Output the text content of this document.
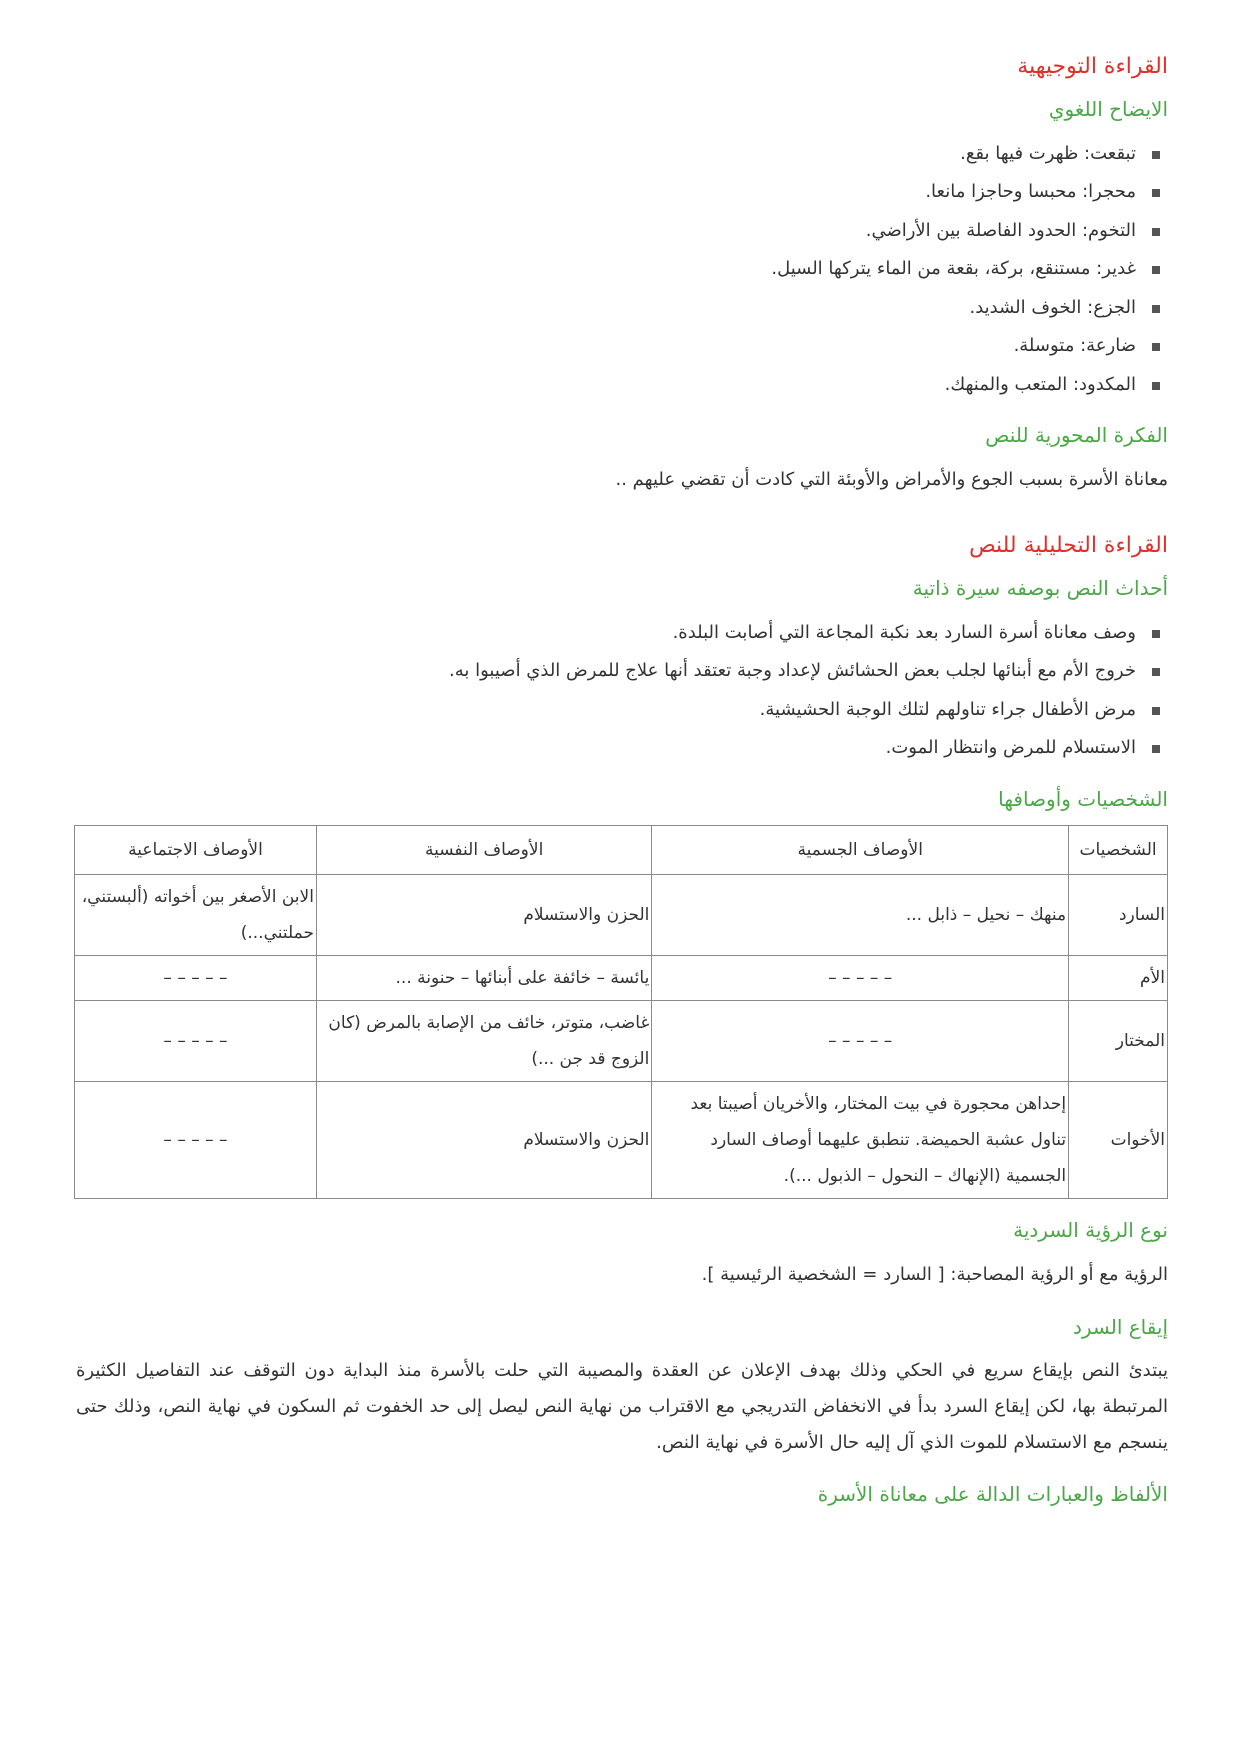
القراءة التوجيهية
الايضاح اللغوي
تبقعت: ظهرت فيها بقع.
محجرا: محبسا وحاجزا مانعا.
التخوم: الحدود الفاصلة بين الأراضي.
غدير: مستنقع، بركة، بقعة من الماء يتركها السيل.
الجزع: الخوف الشديد.
ضارعة: متوسلة.
المكدود: المتعب والمنهك.
الفكرة المحورية للنص

معاناة الأسرة بسبب الجوع والأمراض والأوبئة التي كادت أن تقضي عليهم ..

القراءة التحليلية للنص
أحداث النص بوصفه سيرة ذاتية
وصف معاناة أسرة السارد بعد نكبة المجاعة التي أصابت البلدة.
خروج الأم مع أبنائها لجلب بعض الحشائش لإعداد وجبة تعتقد أنها علاج للمرض الذي أصيبوا به.
مرض الأطفال جراء تناولهم لتلك الوجبة الحشيشية.
الاستسلام للمرض وانتظار الموت.
الشخصيات وأوصافها
الشخصيات	الأوصاف الجسمية	الأوصاف النفسية	الأوصاف الاجتماعية
السارد	منهك – نحيل – ذابل ...	الحزن والاستسلام	الابن الأصغر بين أخواته (ألبستني، حملتني...)
الأم	– – – – –	يائسة – خائفة على أبنائها – حنونة ...	– – – – –
المختار	– – – – –	غاضب، متوتر، خائف من الإصابة بالمرض (كان الزوج قد جن ...)	– – – – –
الأخوات	إحداهن محجورة في بيت المختار، والأخريان أصيبتا بعد تناول عشبة الحميضة. تنطبق عليهما أوصاف السارد الجسمية (الإنهاك – النحول – الذبول ...).	الحزن والاستسلام	– – – – –
نوع الرؤية السردية

الرؤية مع أو الرؤية المصاحبة: [ السارد = الشخصية الرئيسية ].

إيقاع السرد

يبتدئ النص بإيقاع سريع في الحكي وذلك بهدف الإعلان عن العقدة والمصيبة التي حلت بالأسرة منذ البداية دون التوقف عند التفاصيل الكثيرة المرتبطة بها، لكن إيقاع السرد بدأ في الانخفاض التدريجي مع الاقتراب من نهاية النص ليصل إلى حد الخفوت ثم السكون في نهاية النص، وذلك حتى ينسجم مع الاستسلام للموت الذي آل إليه حال الأسرة في نهاية النص.

الألفاظ والعبارات الدالة على معاناة الأسرة
